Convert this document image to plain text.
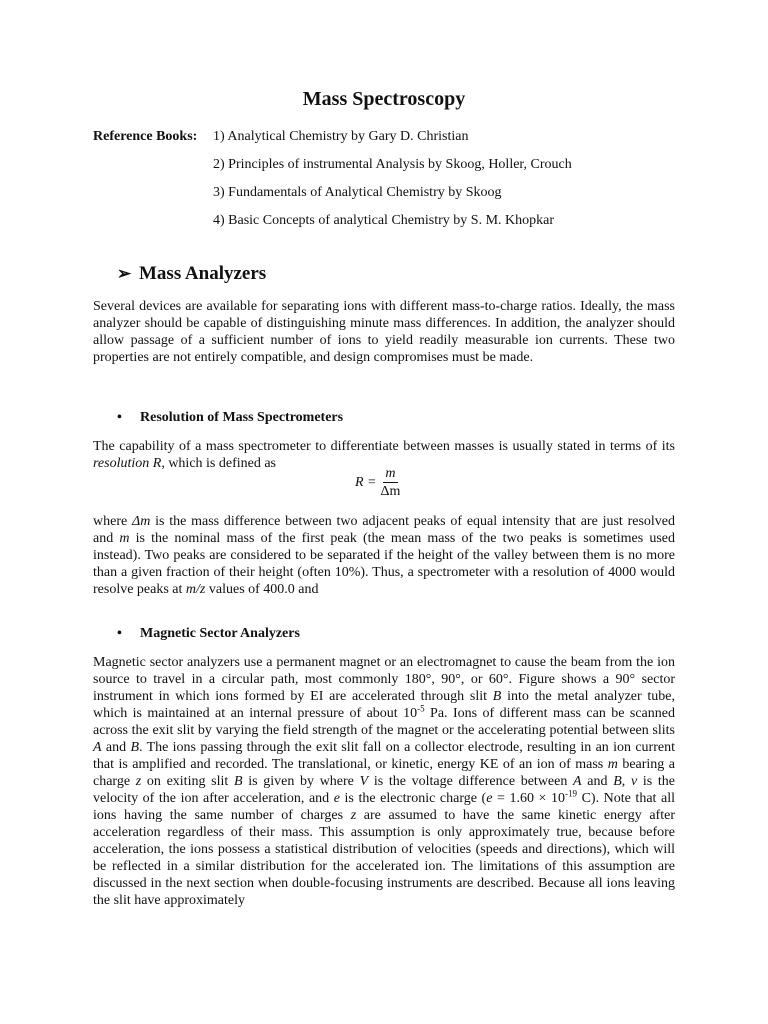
Mass Spectroscopy
Reference Books: 1) Analytical Chemistry by Gary D. Christian
2) Principles of instrumental Analysis by Skoog, Holler, Crouch
3) Fundamentals of Analytical Chemistry by Skoog
4) Basic Concepts of analytical Chemistry by S. M. Khopkar
➢ Mass Analyzers
Several devices are available for separating ions with different mass-to-charge ratios. Ideally, the mass analyzer should be capable of distinguishing minute mass differences. In addition, the analyzer should allow passage of a sufficient number of ions to yield readily measurable ion currents. These two properties are not entirely compatible, and design compromises must be made.
• Resolution of Mass Spectrometers
The capability of a mass spectrometer to differentiate between masses is usually stated in terms of its resolution R, which is defined as
$R = \frac{m}{\Delta m}$
where Δm is the mass difference between two adjacent peaks of equal intensity that are just resolved and m is the nominal mass of the first peak (the mean mass of the two peaks is sometimes used instead). Two peaks are considered to be separated if the height of the valley between them is no more than a given fraction of their height (often 10%). Thus, a spectrometer with a resolution of 4000 would resolve peaks at m/z values of 400.0 and
• Magnetic Sector Analyzers
Magnetic sector analyzers use a permanent magnet or an electromagnet to cause the beam from the ion source to travel in a circular path, most commonly 180°, 90°, or 60°. Figure shows a 90° sector instrument in which ions formed by EI are accelerated through slit B into the metal analyzer tube, which is maintained at an internal pressure of about $10^{-5}$ Pa. Ions of different mass can be scanned across the exit slit by varying the field strength of the magnet or the accelerating potential between slits A and B. The ions passing through the exit slit fall on a collector electrode, resulting in an ion current that is amplified and recorded. The translational, or kinetic, energy KE of an ion of mass m bearing a charge z on exiting slit B is given by where V is the voltage difference between A and B, v is the velocity of the ion after acceleration, and e is the electronic charge ($e = 1.60 \times 10^{-19}$ C). Note that all ions having the same number of charges z are assumed to have the same kinetic energy after acceleration regardless of their mass. This assumption is only approximately true, because before acceleration, the ions possess a statistical distribution of velocities (speeds and directions), which will be reflected in a similar distribution for the accelerated ion. The limitations of this assumption are discussed in the next section when double-focusing instruments are described. Because all ions leaving the slit have approximately
